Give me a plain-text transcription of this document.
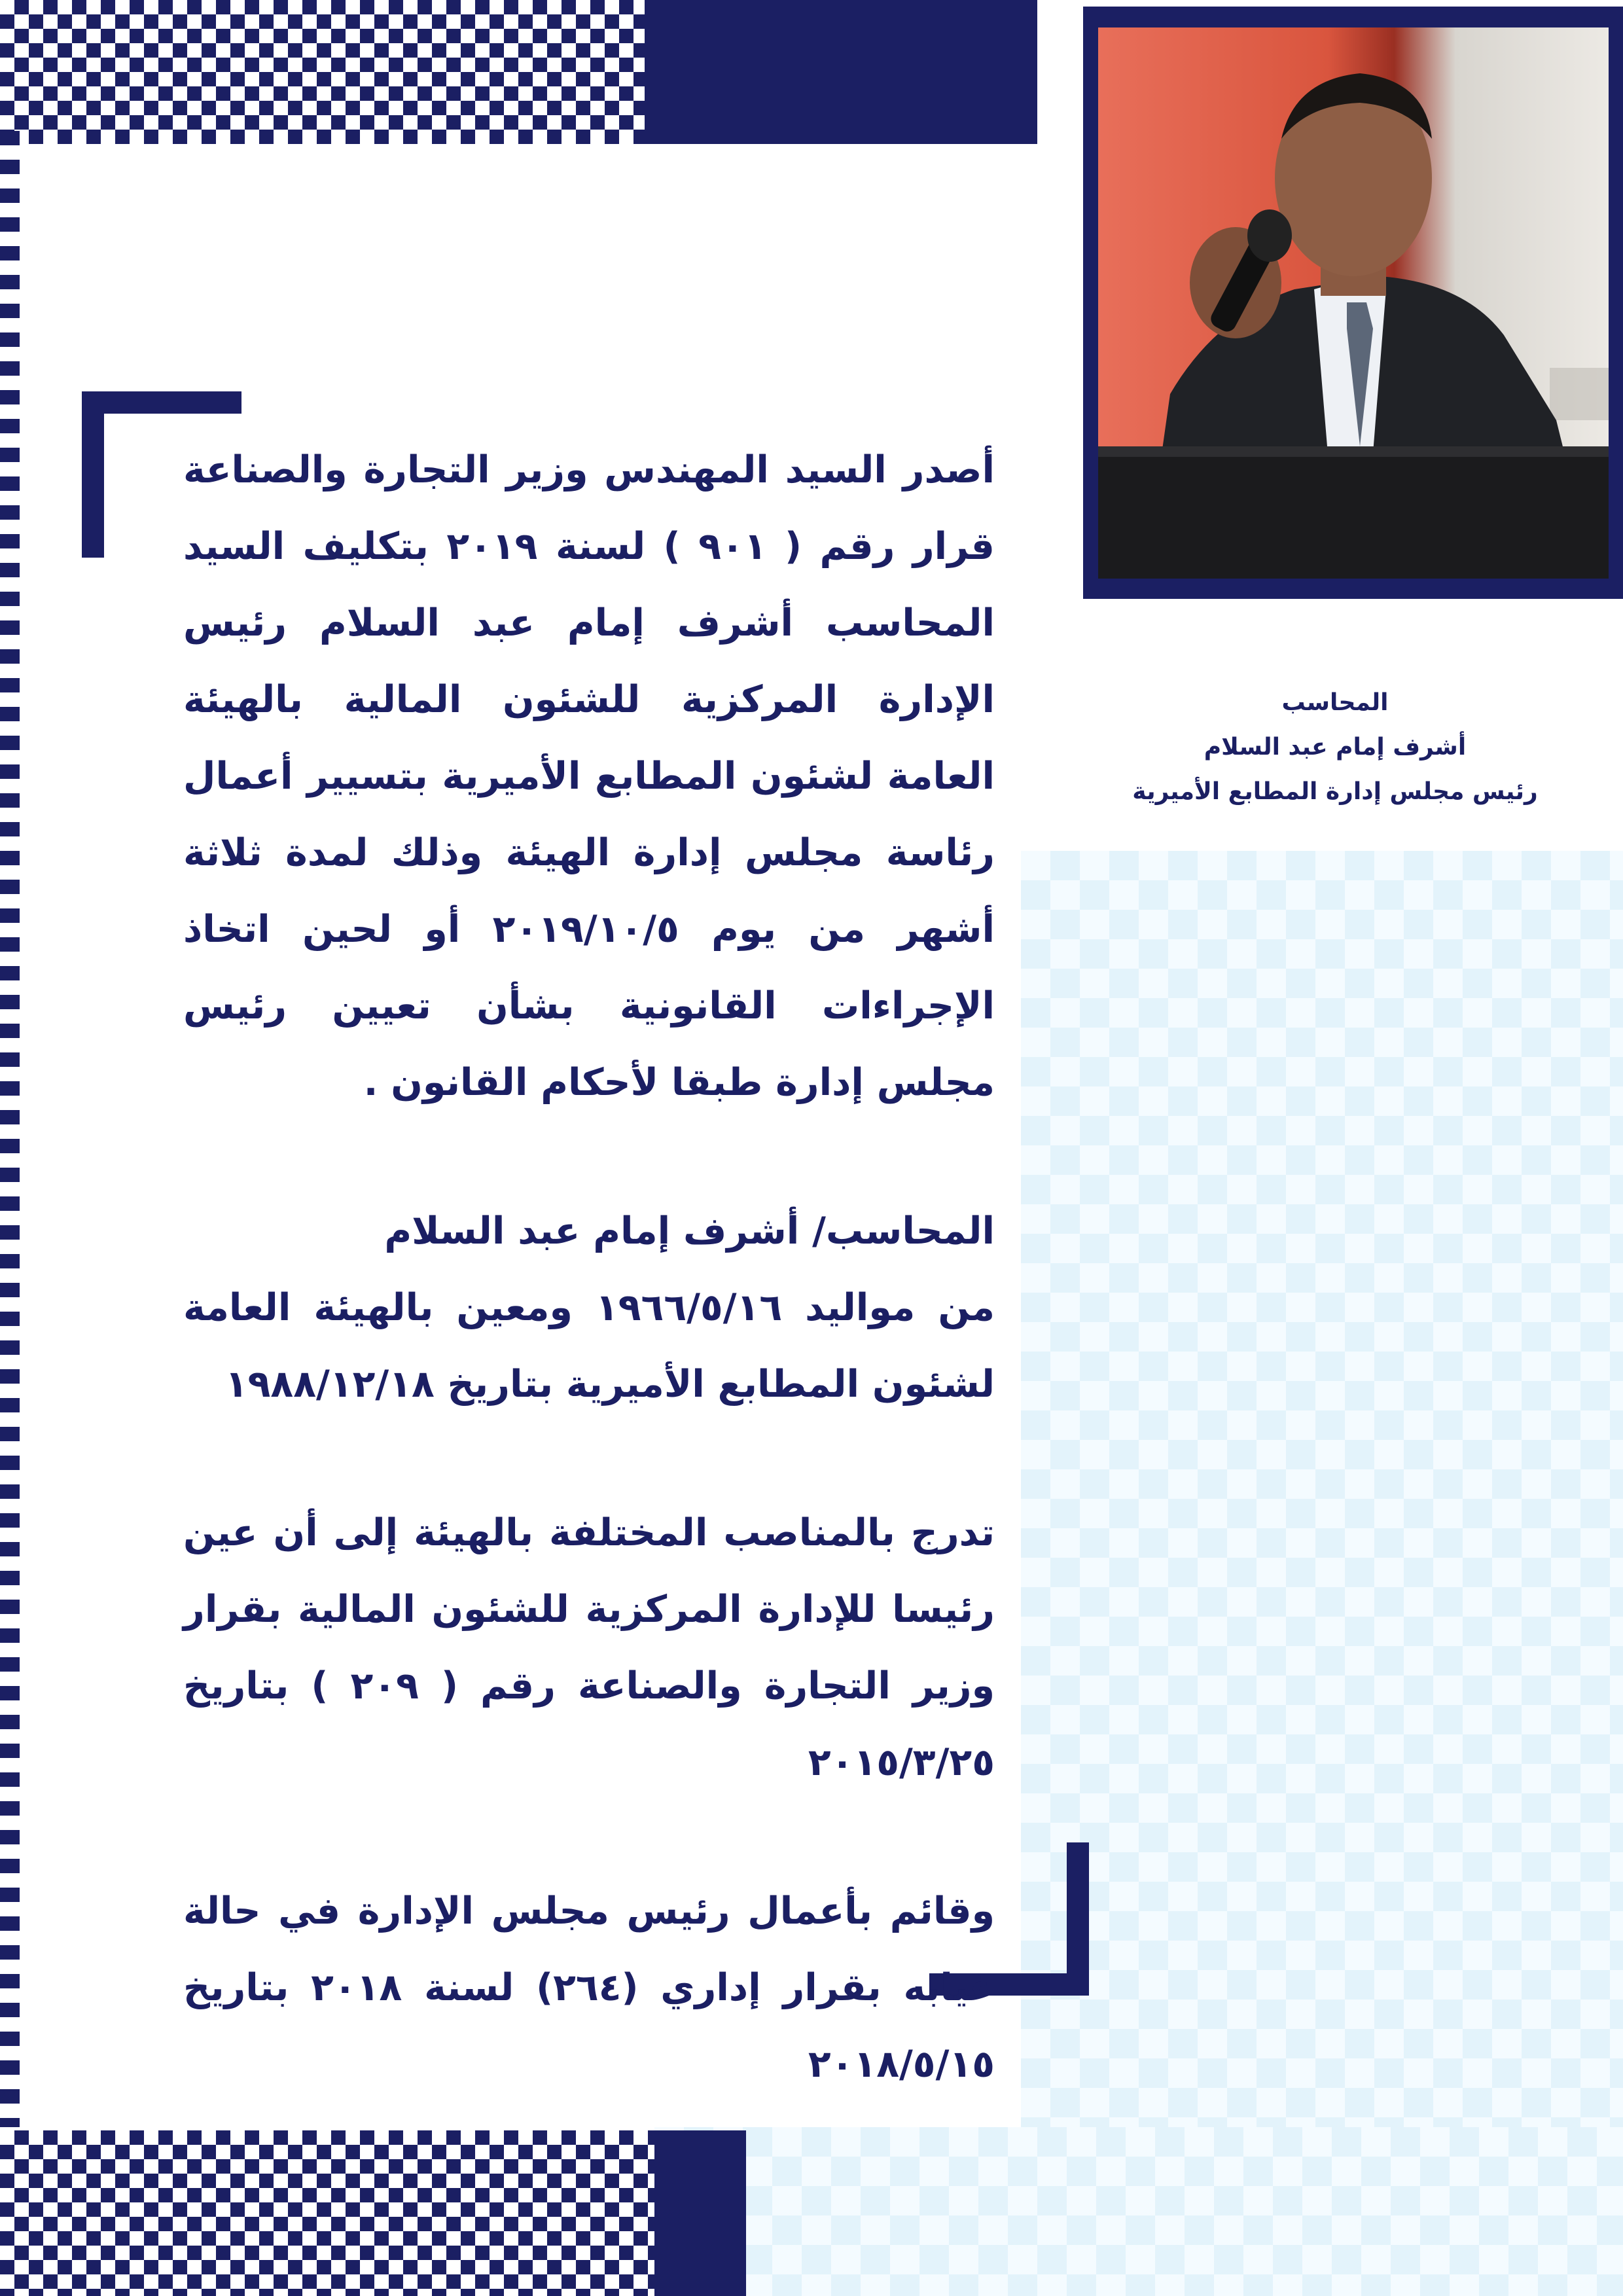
المحاسب
أشرف إمام عبد السلام
رئيس مجلس إدارة المطابع الأميرية

أصدر السيد المهندس وزير التجارة والصناعة قرار رقم ( ٩٠١ ) لسنة ٢٠١٩ بتكليف السيد المحاسب أشرف إمام عبد السلام رئيس الإدارة المركزية للشئون المالية بالهيئة العامة لشئون المطابع الأميرية بتسيير أعمال رئاسة مجلس إدارة الهيئة وذلك لمدة ثلاثة أشهر من يوم ٢٠١٩/١٠/٥ أو لحين اتخاذ الإجراءات القانونية بشأن تعيين رئيس مجلس إدارة طبقا لأحكام القانون .

المحاسب/ أشرف إمام عبد السلام

من مواليد ١٩٦٦/٥/١٦ ومعين بالهيئة العامة لشئون المطابع الأميرية بتاريخ ١٩٨٨/١٢/١٨

تدرج بالمناصب المختلفة بالهيئة إلى أن عين رئيسا للإدارة المركزية للشئون المالية بقرار وزير التجارة والصناعة رقم ( ٢٠٩ ) بتاريخ ٢٠١٥/٣/٢٥

وقائم بأعمال رئيس مجلس الإدارة في حالة غيابه بقرار إداري (٢٦٤) لسنة ٢٠١٨ بتاريخ ٢٠١٨/٥/١٥
